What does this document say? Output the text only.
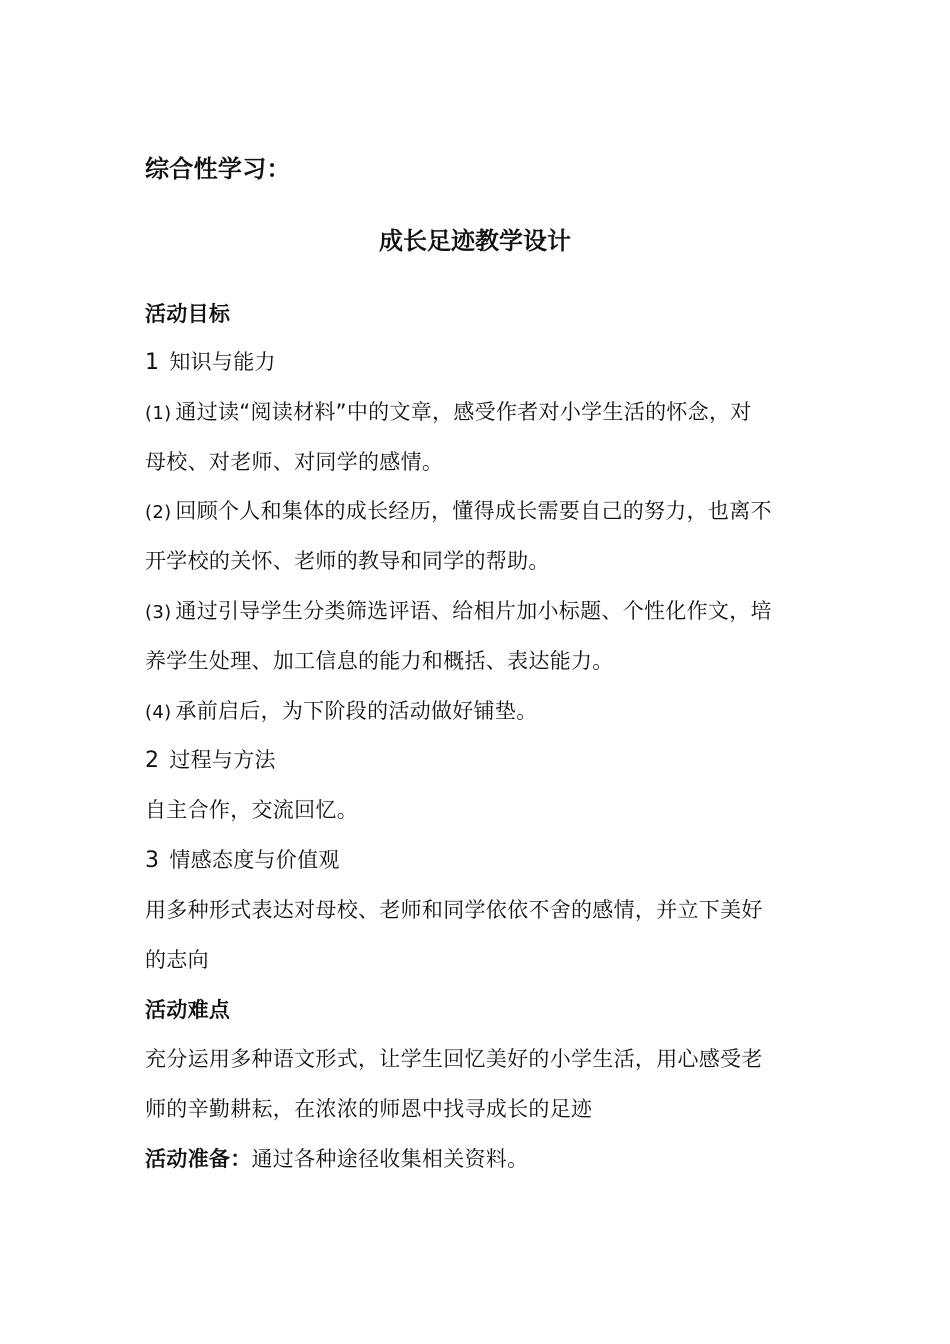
综合性学习：
成长足迹教学设计
活动目标
1 知识与能力
(1) 通过读“阅读材料”中的文章，感受作者对小学生活的怀念，对
母校、对老师、对同学的感情。
(2) 回顾个人和集体的成长经历，懂得成长需要自己的努力，也离不
开学校的关怀、老师的教导和同学的帮助。
(3) 通过引导学生分类筛选评语、给相片加小标题、个性化作文，培
养学生处理、加工信息的能力和概括、表达能力。
(4) 承前启后，为下阶段的活动做好铺垫。
2 过程与方法
自主合作，交流回忆。
3 情感态度与价值观
用多种形式表达对母校、老师和同学依依不舍的感情，并立下美好
的志向
活动难点
充分运用多种语文形式，让学生回忆美好的小学生活，用心感受老
师的辛勤耕耘，在浓浓的师恩中找寻成长的足迹
活动准备：通过各种途径收集相关资料。
